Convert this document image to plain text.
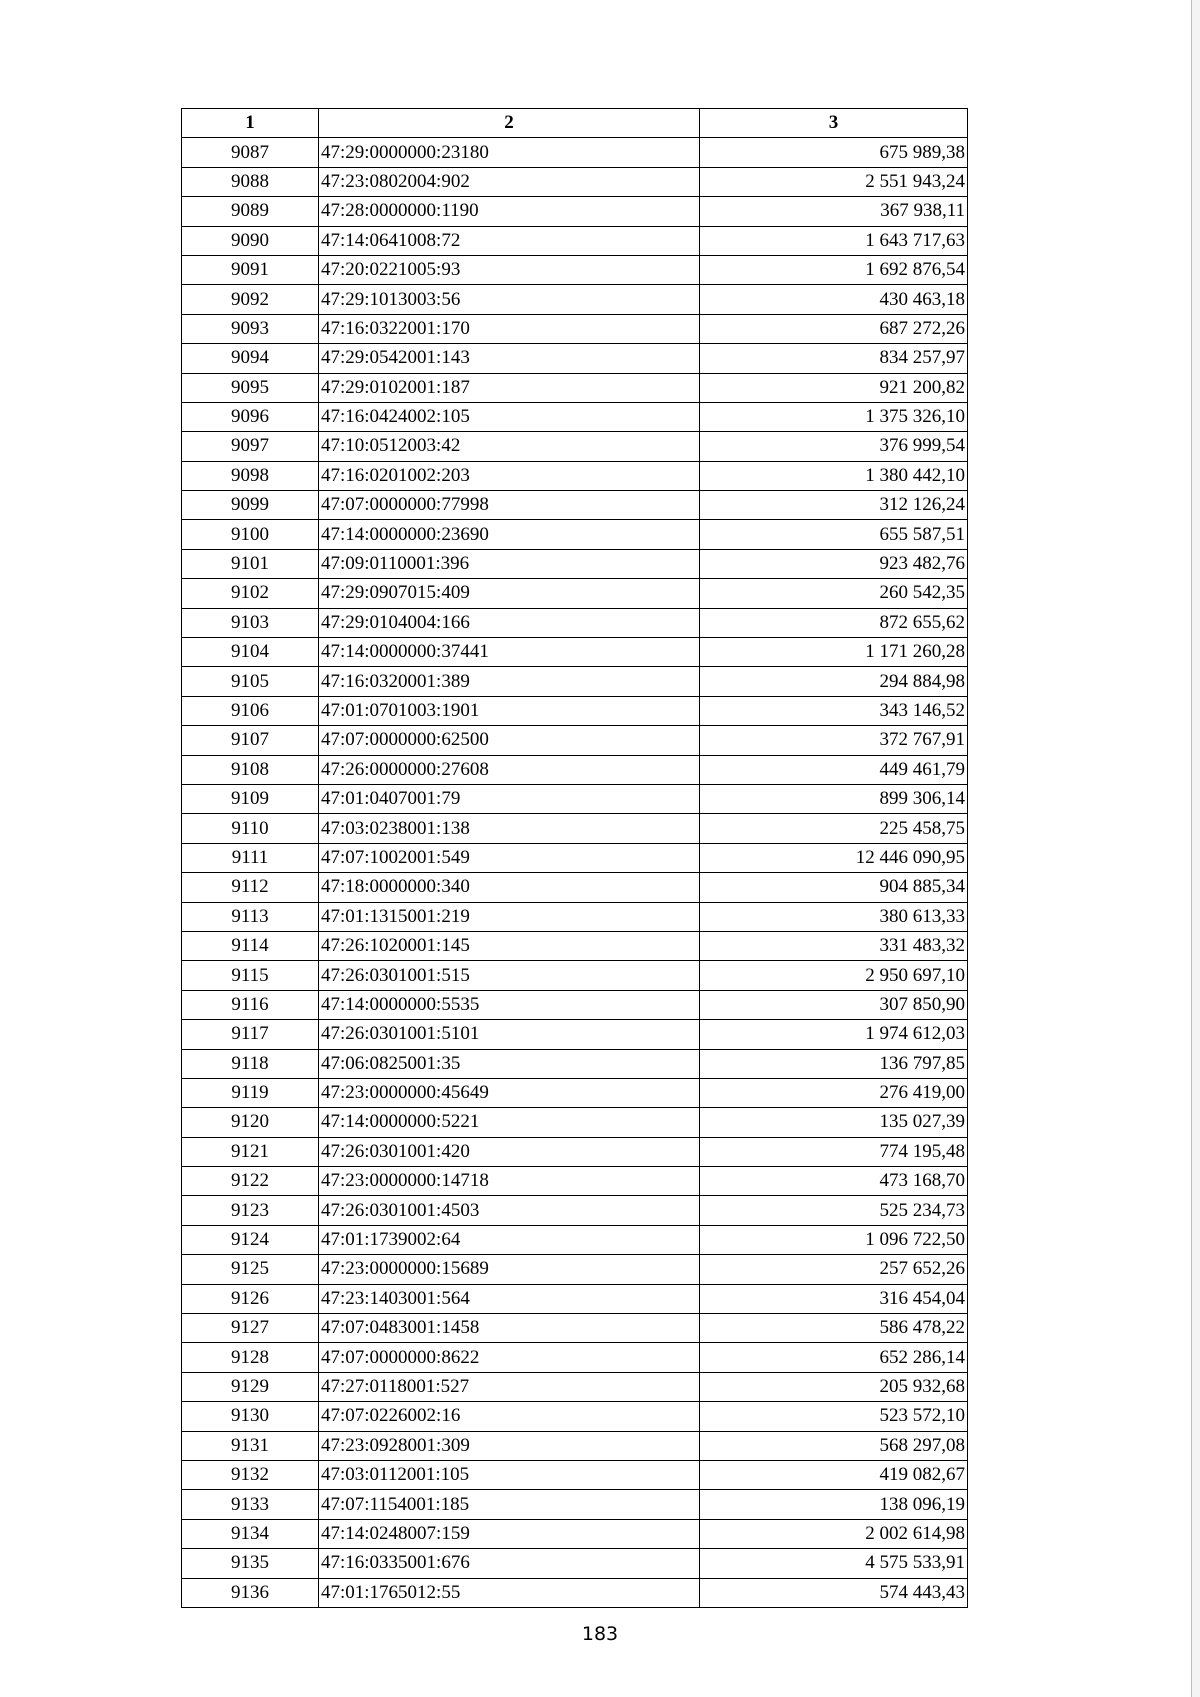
1	2	3
9087	47:29:0000000:23180	675 989,38
9088	47:23:0802004:902	2 551 943,24
9089	47:28:0000000:1190	367 938,11
9090	47:14:0641008:72	1 643 717,63
9091	47:20:0221005:93	1 692 876,54
9092	47:29:1013003:56	430 463,18
9093	47:16:0322001:170	687 272,26
9094	47:29:0542001:143	834 257,97
9095	47:29:0102001:187	921 200,82
9096	47:16:0424002:105	1 375 326,10
9097	47:10:0512003:42	376 999,54
9098	47:16:0201002:203	1 380 442,10
9099	47:07:0000000:77998	312 126,24
9100	47:14:0000000:23690	655 587,51
9101	47:09:0110001:396	923 482,76
9102	47:29:0907015:409	260 542,35
9103	47:29:0104004:166	872 655,62
9104	47:14:0000000:37441	1 171 260,28
9105	47:16:0320001:389	294 884,98
9106	47:01:0701003:1901	343 146,52
9107	47:07:0000000:62500	372 767,91
9108	47:26:0000000:27608	449 461,79
9109	47:01:0407001:79	899 306,14
9110	47:03:0238001:138	225 458,75
9111	47:07:1002001:549	12 446 090,95
9112	47:18:0000000:340	904 885,34
9113	47:01:1315001:219	380 613,33
9114	47:26:1020001:145	331 483,32
9115	47:26:0301001:515	2 950 697,10
9116	47:14:0000000:5535	307 850,90
9117	47:26:0301001:5101	1 974 612,03
9118	47:06:0825001:35	136 797,85
9119	47:23:0000000:45649	276 419,00
9120	47:14:0000000:5221	135 027,39
9121	47:26:0301001:420	774 195,48
9122	47:23:0000000:14718	473 168,70
9123	47:26:0301001:4503	525 234,73
9124	47:01:1739002:64	1 096 722,50
9125	47:23:0000000:15689	257 652,26
9126	47:23:1403001:564	316 454,04
9127	47:07:0483001:1458	586 478,22
9128	47:07:0000000:8622	652 286,14
9129	47:27:0118001:527	205 932,68
9130	47:07:0226002:16	523 572,10
9131	47:23:0928001:309	568 297,08
9132	47:03:0112001:105	419 082,67
9133	47:07:1154001:185	138 096,19
9134	47:14:0248007:159	2 002 614,98
9135	47:16:0335001:676	4 575 533,91
9136	47:01:1765012:55	574 443,43
183
